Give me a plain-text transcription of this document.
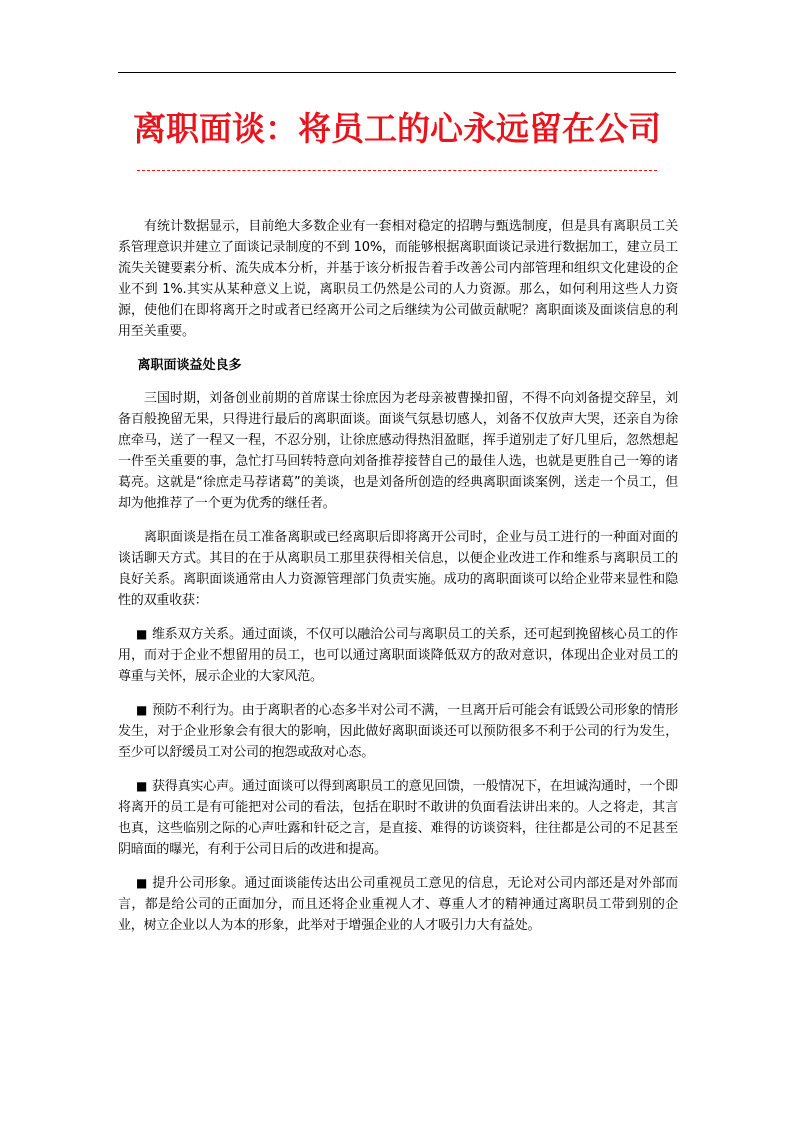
离职面谈：将员工的心永远留在公司

有统计数据显示，目前绝大多数企业有一套相对稳定的招聘与甄选制度，但是具有离职员工关系管理意识并建立了面谈记录制度的不到 10%，而能够根据离职面谈记录进行数据加工，建立员工流失关键要素分析、流失成本分析，并基于该分析报告着手改善公司内部管理和组织文化建设的企业不到 1%.其实从某种意义上说，离职员工仍然是公司的人力资源。那么，如何利用这些人力资源，使他们在即将离开之时或者已经离开公司之后继续为公司做贡献呢？离职面谈及面谈信息的利用至关重要。

离职面谈益处良多

三国时期，刘备创业前期的首席谋士徐庶因为老母亲被曹操扣留，不得不向刘备提交辞呈，刘备百般挽留无果，只得进行最后的离职面谈。面谈气氛悬切感人，刘备不仅放声大哭，还亲自为徐庶牵马，送了一程又一程，不忍分别，让徐庶感动得热泪盈眶，挥手道别走了好几里后，忽然想起一件至关重要的事，急忙打马回转特意向刘备推荐接替自己的最佳人选，也就是更胜自己一筹的诸葛亮。这就是“徐庶走马荐诸葛”的美谈，也是刘备所创造的经典离职面谈案例，送走一个员工，但却为他推荐了一个更为优秀的继任者。

离职面谈是指在员工准备离职或已经离职后即将离开公司时，企业与员工进行的一种面对面的谈话聊天方式。其目的在于从离职员工那里获得相关信息，以便企业改进工作和维系与离职员工的良好关系。离职面谈通常由人力资源管理部门负责实施。成功的离职面谈可以给企业带来显性和隐性的双重收获：

■ 维系双方关系。通过面谈，不仅可以融洽公司与离职员工的关系，还可起到挽留核心员工的作用，而对于企业不想留用的员工，也可以通过离职面谈降低双方的敌对意识，体现出企业对员工的尊重与关怀，展示企业的大家风范。

■ 预防不利行为。由于离职者的心态多半对公司不满，一旦离开后可能会有诋毁公司形象的情形发生，对于企业形象会有很大的影响，因此做好离职面谈还可以预防很多不利于公司的行为发生，至少可以舒缓员工对公司的抱怨或敌对心态。

■ 获得真实心声。通过面谈可以得到离职员工的意见回馈，一般情况下，在坦诚沟通时，一个即将离开的员工是有可能把对公司的看法，包括在职时不敢讲的负面看法讲出来的。人之将走，其言也真，这些临别之际的心声吐露和针砭之言，是直接、难得的访谈资料，往往都是公司的不足甚至阴暗面的曝光，有利于公司日后的改进和提高。

■ 提升公司形象。通过面谈能传达出公司重视员工意见的信息，无论对公司内部还是对外部而言，都是给公司的正面加分，而且还将企业重视人才、尊重人才的精神通过离职员工带到别的企业，树立企业以人为本的形象，此举对于增强企业的人才吸引力大有益处。
